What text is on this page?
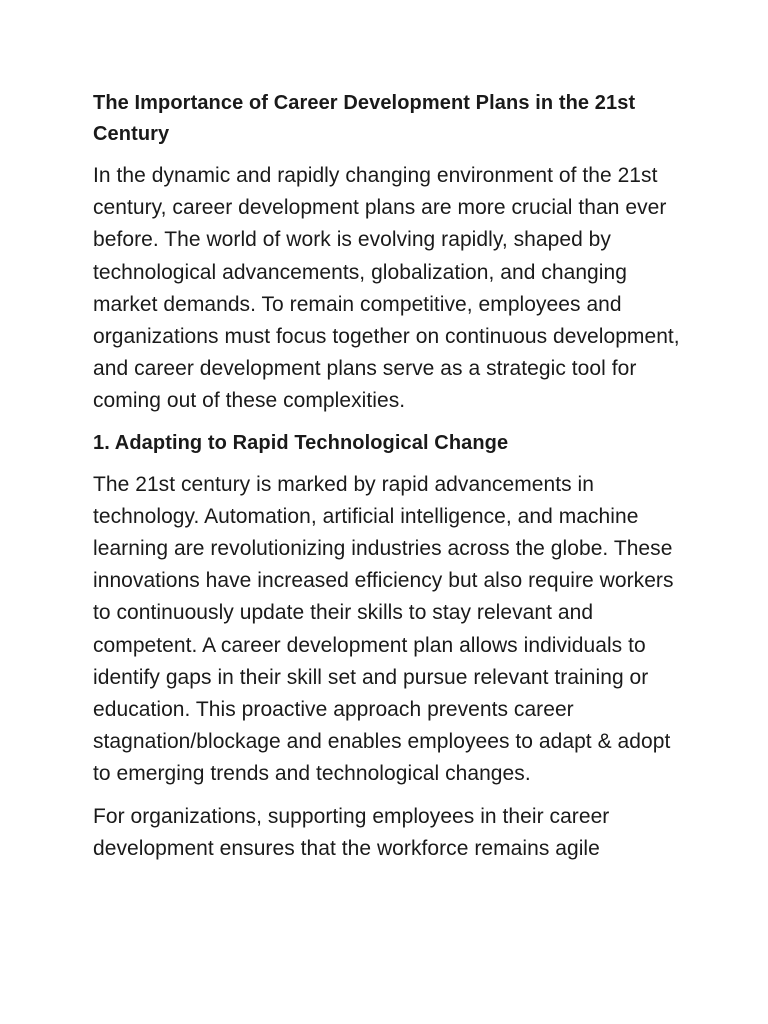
The Importance of Career Development Plans in the 21st Century

In the dynamic and rapidly changing environment of the 21st century, career development plans are more crucial than ever before. The world of work is evolving rapidly, shaped by technological advancements, globalization, and changing market demands. To remain competitive, employees and organizations must focus together on continuous development, and career development plans serve as a strategic tool for coming out of these complexities.

1. Adapting to Rapid Technological Change

The 21st century is marked by rapid advancements in technology. Automation, artificial intelligence, and machine learning are revolutionizing industries across the globe. These innovations have increased efficiency but also require workers to continuously update their skills to stay relevant and competent. A career development plan allows individuals to identify gaps in their skill set and pursue relevant training or education. This proactive approach prevents career stagnation/blockage and enables employees to adapt & adopt to emerging trends and technological changes.

For organizations, supporting employees in their career development ensures that the workforce remains agile
